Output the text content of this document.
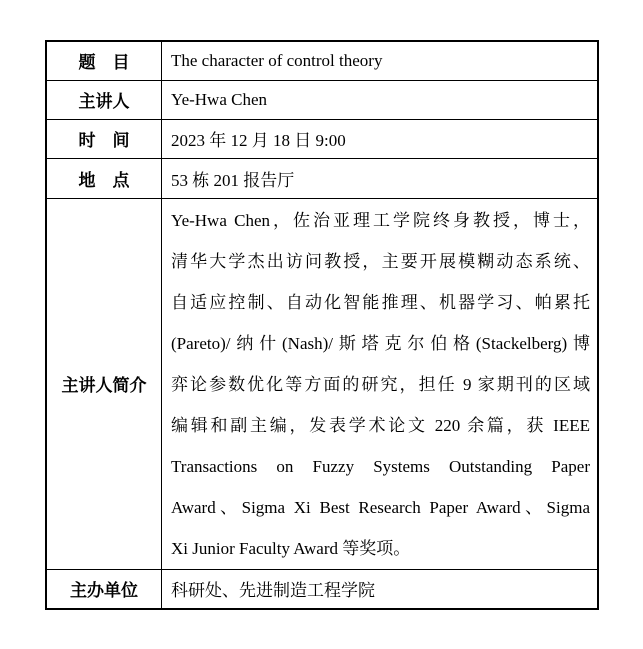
题　目	The character of control theory
主讲人	Ye-Hwa Chen
时　间	2023 年 12 月 18 日 9:00
地　点	53 栋 201 报告厅
主讲人简介	
Ye-Hwa Chen，佐治亚理工学院终身教授，博士，
清华大学杰出访问教授，主要开展模糊动态系统、
自适应控制、自动化智能推理、机器学习、帕累托
(Pareto)/纳什(Nash)/斯塔克尔伯格(Stackelberg)博
弈论参数优化等方面的研究，担任 9 家期刊的区域
编辑和副主编，发表学术论文 220 余篇，获 IEEE
Transactions on Fuzzy Systems Outstanding Paper
Award、Sigma Xi Best Research Paper Award、Sigma
Xi Junior Faculty Award 等奖项。

主办单位	科研处、先进制造工程学院
